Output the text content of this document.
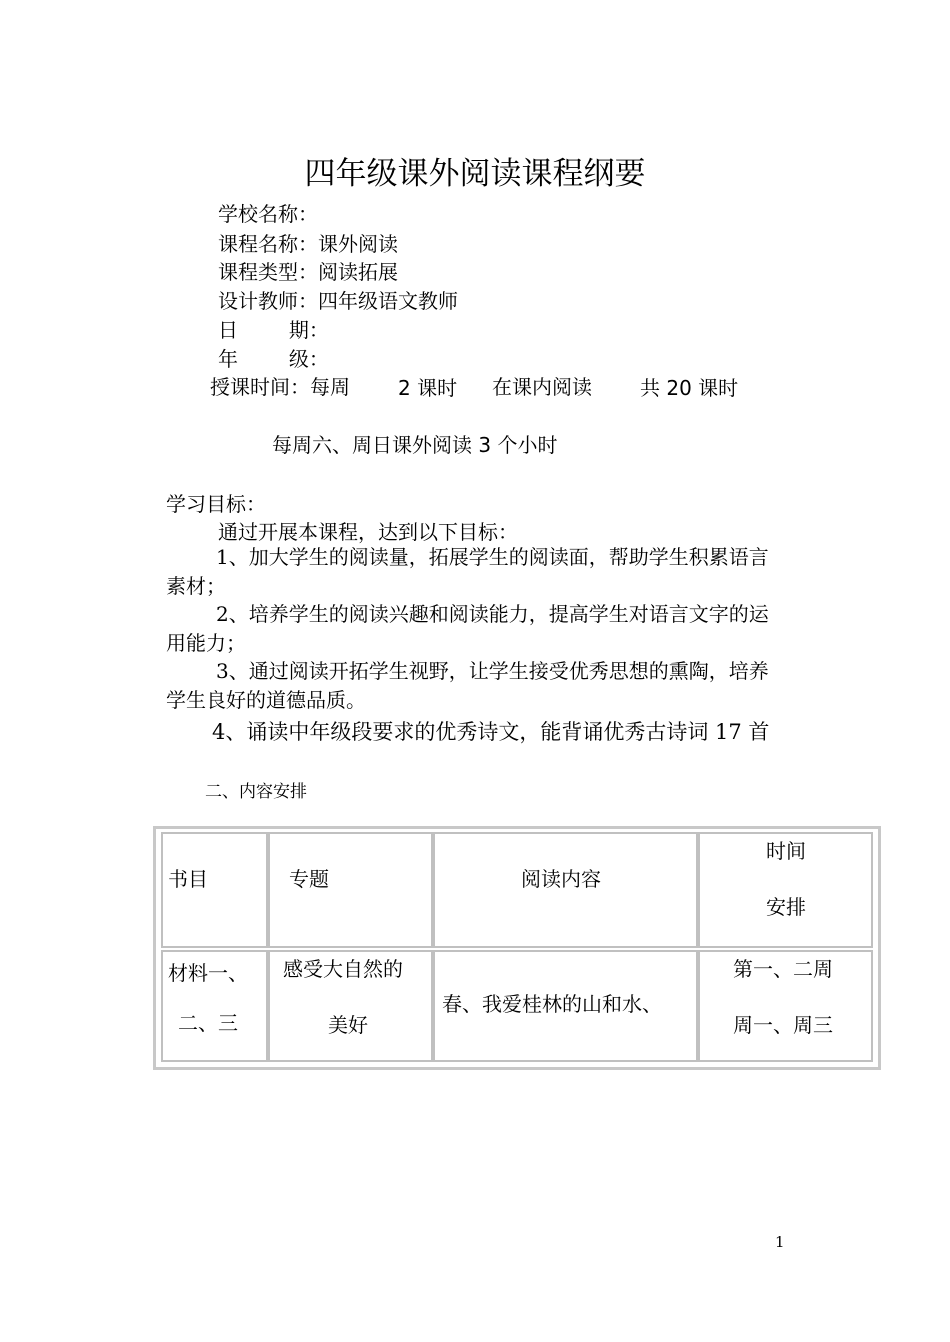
四年级课外阅读课程纲要
学校名称：
课程名称：课外阅读
课程类型：阅读拓展
设计教师：四年级语文教师
日        期：
年        级：
授课时间：每周 2 课时 在课内阅读 共 20 课时
每周六、周日课外阅读 3 个小时
学习目标：
通过开展本课程，达到以下目标：
1、加大学生的阅读量，拓展学生的阅读面，帮助学生积累语言素材；
2、培养学生的阅读兴趣和阅读能力，提高学生对语言文字的运用能力；
3、通过阅读开拓学生视野，让学生接受优秀思想的熏陶，培养学生良好的道德品质。
4、诵读中年级段要求的优秀诗文，能背诵优秀古诗词 17 首
二、内容安排
书目	专题	阅读内容
时间
安排
材料一、
二、三
感受大自然的
美好
春、我爱桂林的山和水、
第一、二周
周一、周三
1
